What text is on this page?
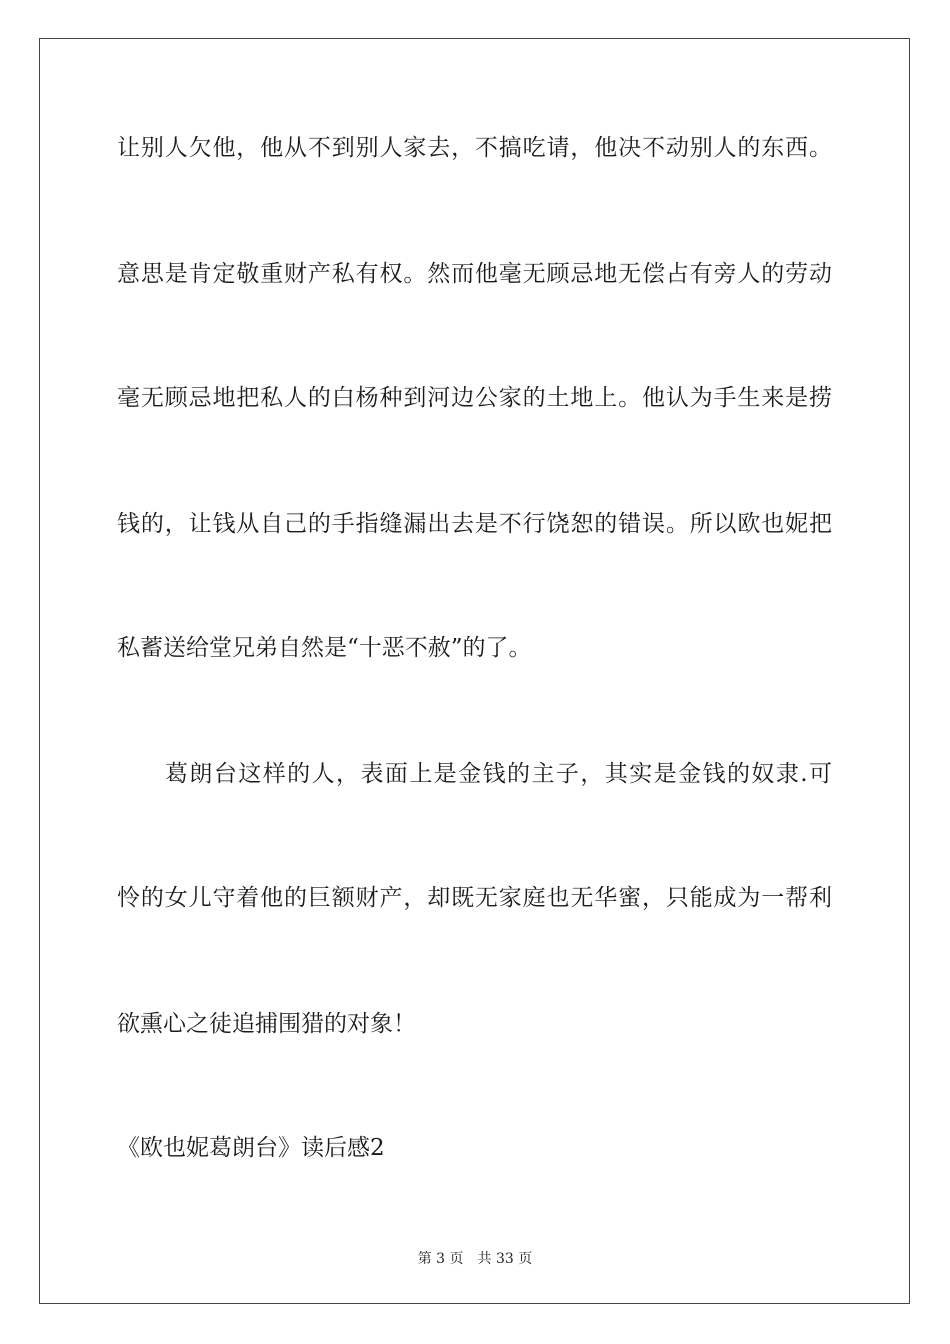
让别人欠他，他从不到别人家去，不搞吃请，他决不动别人的东西。
意思是肯定敬重财产私有权。然而他毫无顾忌地无偿占有旁人的劳动
毫无顾忌地把私人的白杨种到河边公家的土地上。他认为手生来是捞
钱的，让钱从自己的手指缝漏出去是不行饶恕的错误。所以欧也妮把
私蓄送给堂兄弟自然是“十恶不赦”的了。
葛朗台这样的人，表面上是金钱的主子，其实是金钱的奴隶.可
怜的女儿守着他的巨额财产，却既无家庭也无华蜜，只能成为一帮利
欲熏心之徒追捕围猎的对象！
《欧也妮葛朗台》读后感2
第 3 页　共 33 页
